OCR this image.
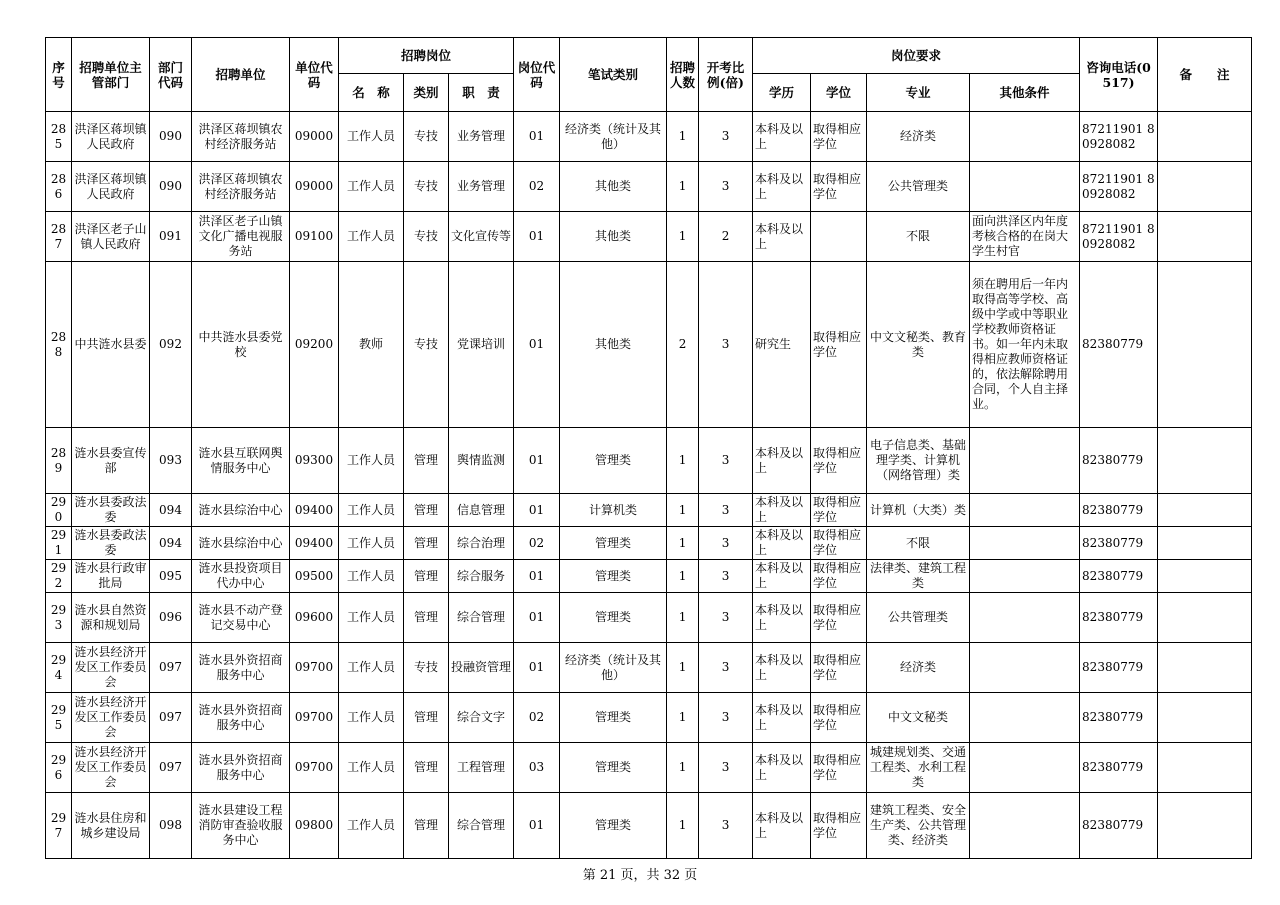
序号	招聘单位主管部门	部门代码	招聘单位	单位代码	招聘岗位			岗位代码	笔试类别	招聘人数	开考比例(倍)	岗位要求				咨询电话(0517)	备　　注
					名　称	类别	职　责					学历	学位	专业	其他条件		
285	洪泽区蒋坝镇人民政府	090	洪泽区蒋坝镇农村经济服务站	09000	工作人员	专技	业务管理	01	经济类（统计及其他）	1	3	本科及以上	取得相应学位	经济类		87211901 80928082	
286	洪泽区蒋坝镇人民政府	090	洪泽区蒋坝镇农村经济服务站	09000	工作人员	专技	业务管理	02	其他类	1	3	本科及以上	取得相应学位	公共管理类		87211901 80928082	
287	洪泽区老子山镇人民政府	091	洪泽区老子山镇文化广播电视服务站	09100	工作人员	专技	文化宣传等	01	其他类	1	2	本科及以上		不限	面向洪泽区内年度考核合格的在岗大学生村官	87211901 80928082	
288	中共涟水县委	092	中共涟水县委党校	09200	教师	专技	党课培训	01	其他类	2	3	研究生	取得相应学位	中文文秘类、教育类	须在聘用后一年内取得高等学校、高级中学或中等职业学校教师资格证书。如一年内未取得相应教师资格证的，依法解除聘用合同，个人自主择业。	82380779	
289	涟水县委宣传部	093	涟水县互联网舆情服务中心	09300	工作人员	管理	舆情监测	01	管理类	1	3	本科及以上	取得相应学位	电子信息类、基础理学类、计算机（网络管理）类		82380779	
290	涟水县委政法委	094	涟水县综治中心	09400	工作人员	管理	信息管理	01	计算机类	1	3	本科及以上	取得相应学位	计算机（大类）类		82380779	
291	涟水县委政法委	094	涟水县综治中心	09400	工作人员	管理	综合治理	02	管理类	1	3	本科及以上	取得相应学位	不限		82380779	
292	涟水县行政审批局	095	涟水县投资项目代办中心	09500	工作人员	管理	综合服务	01	管理类	1	3	本科及以上	取得相应学位	法律类、建筑工程类		82380779	
293	涟水县自然资源和规划局	096	涟水县不动产登记交易中心	09600	工作人员	管理	综合管理	01	管理类	1	3	本科及以上	取得相应学位	公共管理类		82380779	
294	涟水县经济开发区工作委员会	097	涟水县外资招商服务中心	09700	工作人员	专技	投融资管理	01	经济类（统计及其他）	1	3	本科及以上	取得相应学位	经济类		82380779	
295	涟水县经济开发区工作委员会	097	涟水县外资招商服务中心	09700	工作人员	管理	综合文字	02	管理类	1	3	本科及以上	取得相应学位	中文文秘类		82380779	
296	涟水县经济开发区工作委员会	097	涟水县外资招商服务中心	09700	工作人员	管理	工程管理	03	管理类	1	3	本科及以上	取得相应学位	城建规划类、交通工程类、水利工程类		82380779	
297	涟水县住房和城乡建设局	098	涟水县建设工程消防审查验收服务中心	09800	工作人员	管理	综合管理	01	管理类	1	3	本科及以上	取得相应学位	建筑工程类、安全生产类、公共管理类、经济类		82380779	
第 21 页，共 32 页
